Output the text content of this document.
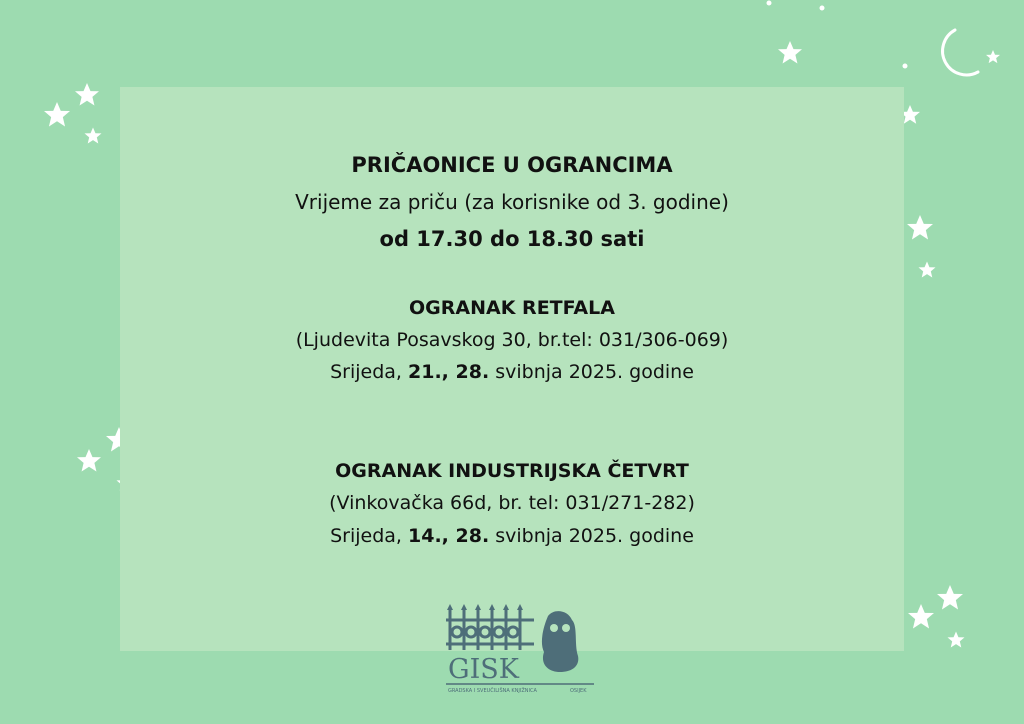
PRIČAONICE U OGRANCIMA
Vrijeme za priču (za korisnike od 3. godine)
od 17.30 do 18.30 sati
OGRANAK RETFALA
(Ljudevita Posavskog 30, br.tel: 031/306-069)
Srijeda, 21., 28. svibnja 2025. godine
OGRANAK INDUSTRIJSKA ČETVRT
(Vinkovačka 66d, br. tel: 031/271-282)
Srijeda, 14., 28. svibnja 2025. godine
GISK
GRADSKA I SVEUČILIŠNA KNJIŽNICA	OSIJEK
